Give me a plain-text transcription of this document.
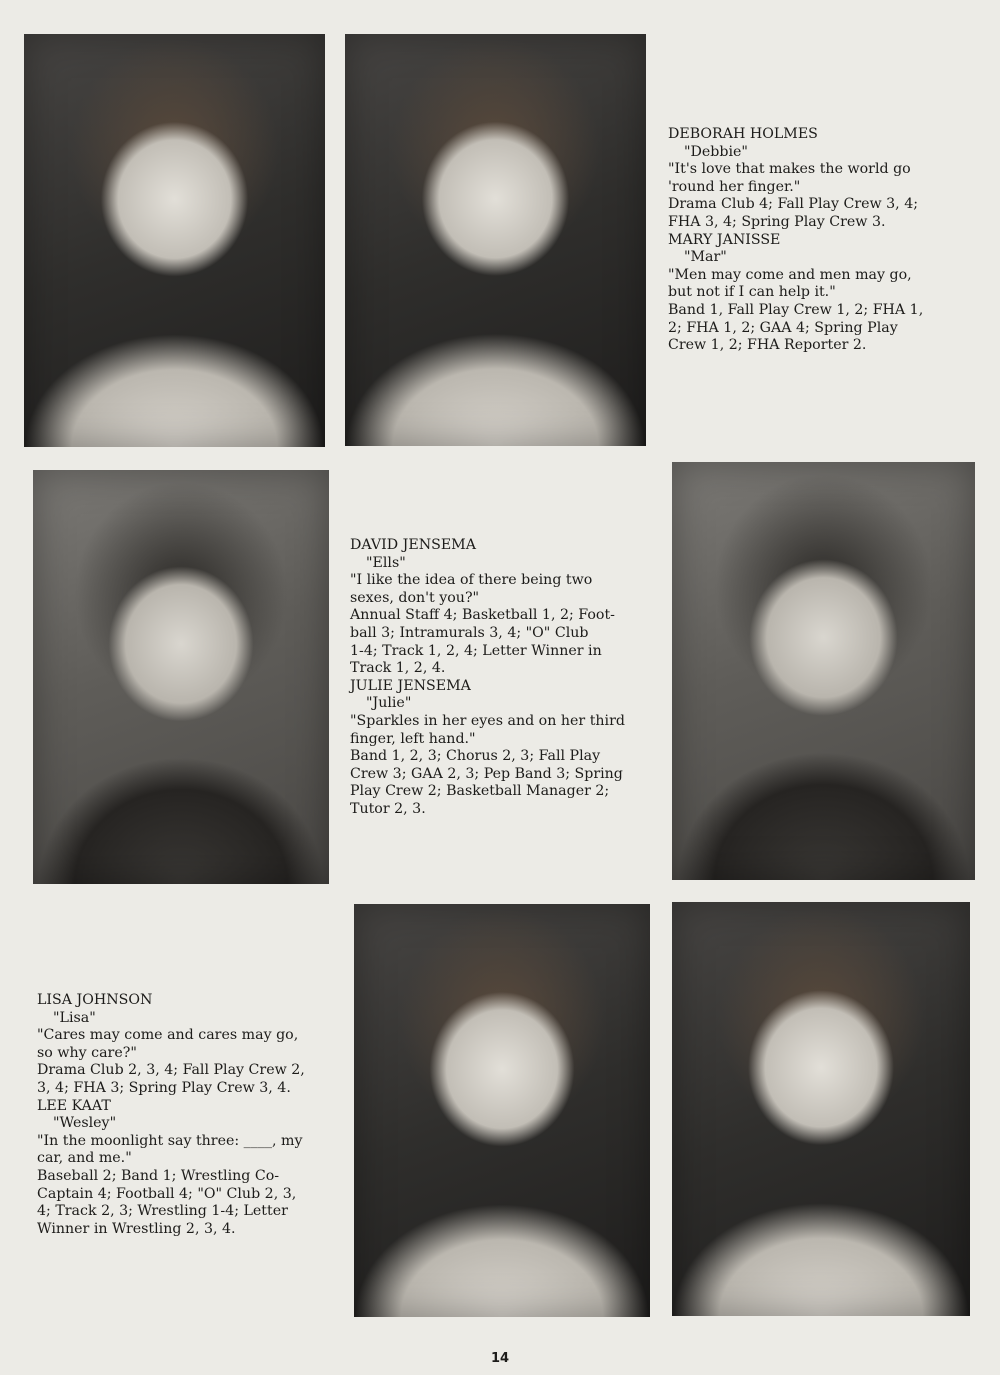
DEBORAH HOLMES
"Debbie"
"It's love that makes the world go
'round her finger."
Drama Club 4; Fall Play Crew 3, 4;
FHA 3, 4; Spring Play Crew 3.
MARY JANISSE
"Mar"
"Men may come and men may go,
but not if I can help it."
Band 1, Fall Play Crew 1, 2; FHA 1,
2; FHA 1, 2; GAA 4; Spring Play
Crew 1, 2; FHA Reporter 2.
DAVID JENSEMA
"Ells"
"I like the idea of there being two
sexes, don't you?"
Annual Staff 4; Basketball 1, 2; Foot-
ball 3; Intramurals 3, 4; "O" Club
1-4; Track 1, 2, 4; Letter Winner in
Track 1, 2, 4.
JULIE JENSEMA
"Julie"
"Sparkles in her eyes and on her third
finger, left hand."
Band 1, 2, 3; Chorus 2, 3; Fall Play
Crew 3; GAA 2, 3; Pep Band 3; Spring
Play Crew 2; Basketball Manager 2;
Tutor 2, 3.
LISA JOHNSON
"Lisa"
"Cares may come and cares may go,
so why care?"
Drama Club 2, 3, 4; Fall Play Crew 2,
3, 4; FHA 3; Spring Play Crew 3, 4.
LEE KAAT
"Wesley"
"In the moonlight say three: ____, my
car, and me."
Baseball 2; Band 1; Wrestling Co-
Captain 4; Football 4; "O" Club 2, 3,
4; Track 2, 3; Wrestling 1-4; Letter
Winner in Wrestling 2, 3, 4.
14
